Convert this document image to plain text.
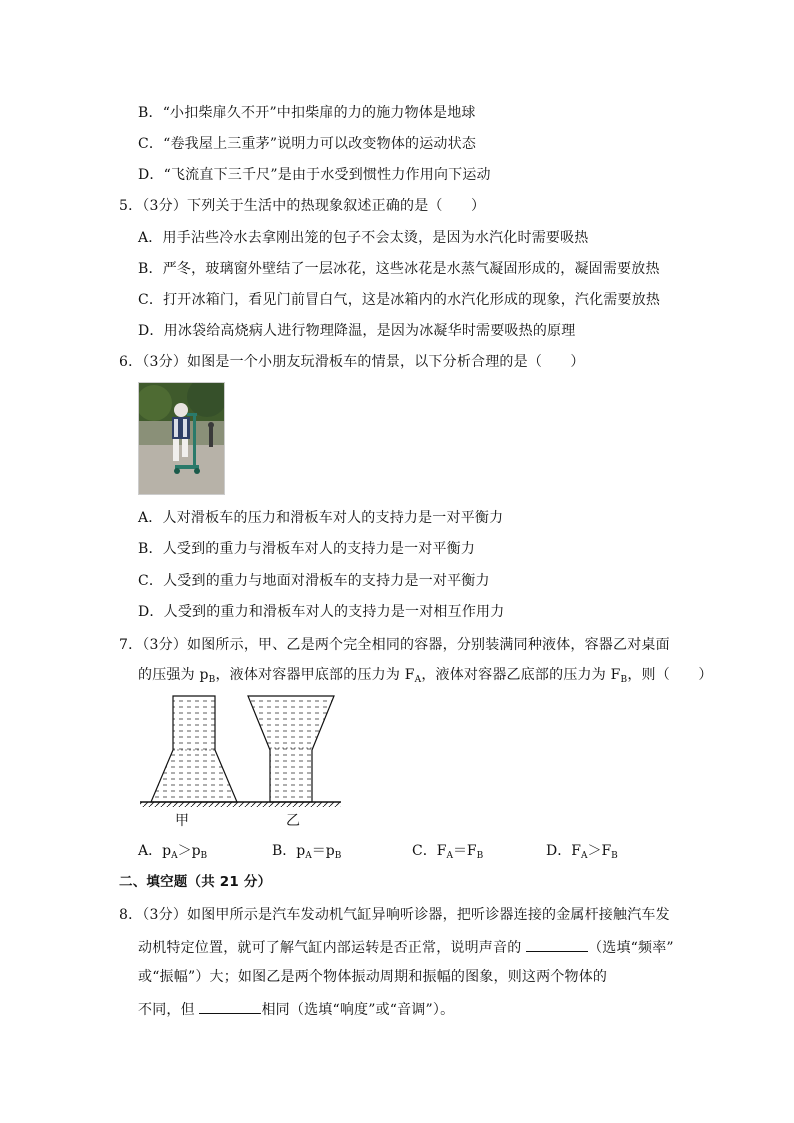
B．“小扣柴扉久不开”中扣柴扉的力的施力物体是地球
C．“卷我屋上三重茅”说明力可以改变物体的运动状态
D．“飞流直下三千尺”是由于水受到惯性力作用向下运动
5．（3分）下列关于生活中的热现象叙述正确的是（　　）
A．用手沾些冷水去拿刚出笼的包子不会太烫，是因为水汽化时需要吸热
B．严冬，玻璃窗外壁结了一层冰花，这些冰花是水蒸气凝固形成的，凝固需要放热
C．打开冰箱门，看见门前冒白气，这是冰箱内的水汽化形成的现象，汽化需要放热
D．用冰袋给高烧病人进行物理降温，是因为冰凝华时需要吸热的原理
6．（3分）如图是一个小朋友玩滑板车的情景，以下分析合理的是（　　）
A．人对滑板车的压力和滑板车对人的支持力是一对平衡力
B．人受到的重力与滑板车对人的支持力是一对平衡力
C．人受到的重力与地面对滑板车的支持力是一对平衡力
D．人受到的重力和滑板车对人的支持力是一对相互作用力
7．（3分）如图所示，甲、乙是两个完全相同的容器，分别装满同种液体，容器乙对桌面
的压强为 $p_B$，液体对容器甲底部的压力为 $F_A$，液体对容器乙底部的压力为 $F_B$，则（　　）
甲	乙
A．$p_A>p_B$	B．$p_A=p_B$	C．$F_A=F_B$	D．$F_A>F_B$
二、填空题（共 21 分）
8．（3分）如图甲所示是汽车发动机气缸异响听诊器，把听诊器连接的金属杆接触汽车发
动机特定位置，就可了解气缸内部运转是否正常，说明声音的	（选填“频率”
或“振幅”）大；如图乙是两个物体振动周期和振幅的图象，则这两个物体的
不同，但	相同（选填“响度”或“音调”）。
